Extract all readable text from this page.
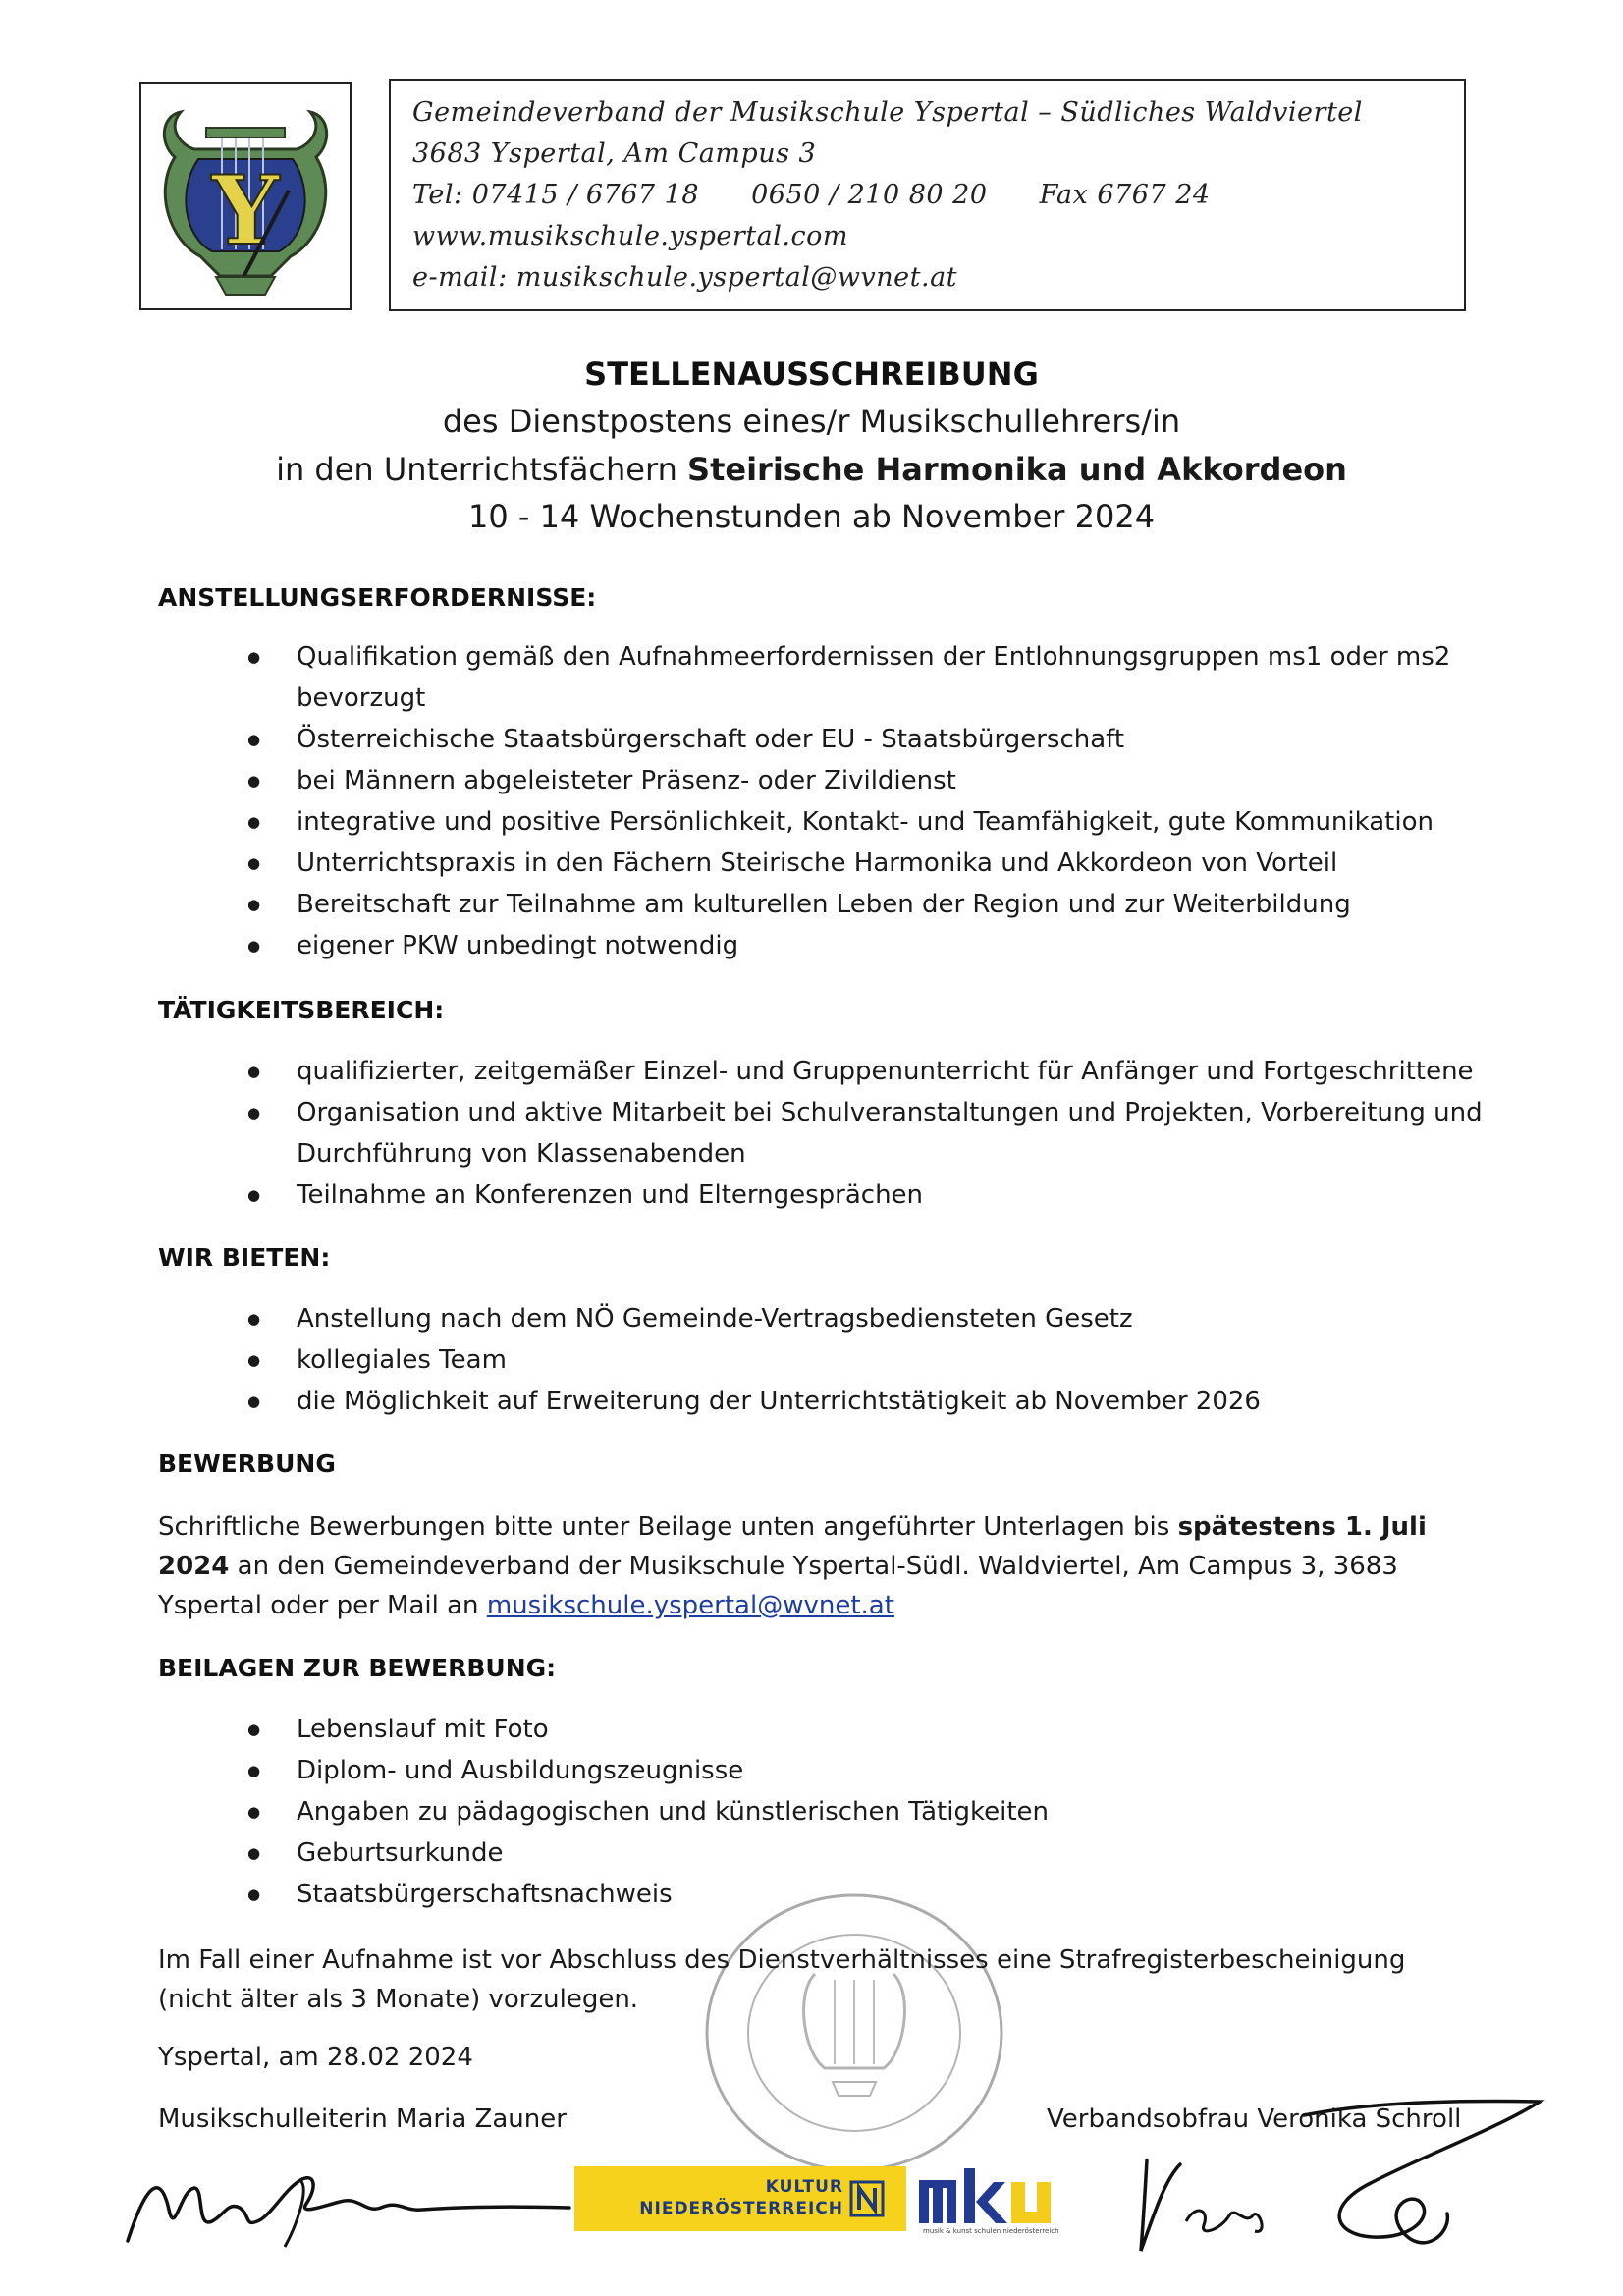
Y
Gemeindeverband der Musikschule Yspertal – Südliches Waldviertel
3683 Yspertal, Am Campus 3
Tel: 07415 / 6767 18 0650 / 210 80 20 Fax 6767 24
www.musikschule.yspertal.com
e-mail: musikschule.yspertal@wvnet.at
STELLENAUSSCHREIBUNG
des Dienstpostens eines/r Musikschullehrers/in
in den Unterrichtsfächern Steirische Harmonika und Akkordeon
10 - 14 Wochenstunden ab November 2024
ANSTELLUNGSERFORDERNISSE:
● Qualifikation gemäß den Aufnahmeerfordernissen der Entlohnungsgruppen ms1 oder ms2 bevorzugt
● Österreichische Staatsbürgerschaft oder EU - Staatsbürgerschaft
● bei Männern abgeleisteter Präsenz- oder Zivildienst
● integrative und positive Persönlichkeit, Kontakt- und Teamfähigkeit, gute Kommunikation
● Unterrichtspraxis in den Fächern Steirische Harmonika und Akkordeon von Vorteil
● Bereitschaft zur Teilnahme am kulturellen Leben der Region und zur Weiterbildung
● eigener PKW unbedingt notwendig
TÄTIGKEITSBEREICH:
● qualifizierter, zeitgemäßer Einzel- und Gruppenunterricht für Anfänger und Fortgeschrittene
● Organisation und aktive Mitarbeit bei Schulveranstaltungen und Projekten, Vorbereitung und Durchführung von Klassenabenden
● Teilnahme an Konferenzen und Elterngesprächen
WIR BIETEN:
● Anstellung nach dem NÖ Gemeinde-Vertragsbediensteten Gesetz
● kollegiales Team
● die Möglichkeit auf Erweiterung der Unterrichtstätigkeit ab November 2026
BEWERBUNG
Schriftliche Bewerbungen bitte unter Beilage unten angeführter Unterlagen bis spätestens 1. Juli 2024 an den Gemeindeverband der Musikschule Yspertal-Südl. Waldviertel, Am Campus 3, 3683 Yspertal oder per Mail an musikschule.yspertal@wvnet.at
BEILAGEN ZUR BEWERBUNG:
● Lebenslauf mit Foto
● Diplom- und Ausbildungszeugnisse
● Angaben zu pädagogischen und künstlerischen Tätigkeiten
● Geburtsurkunde
● Staatsbürgerschaftsnachweis
Im Fall einer Aufnahme ist vor Abschluss des Dienstverhältnisses eine Strafregisterbescheinigung (nicht älter als 3 Monate) vorzulegen.
Yspertal, am 28.02 2024
Musikschulleiterin Maria Zauner	Verbandsobfrau Veronika Schroll
KULTUR
NIEDERÖSTERREICH
musik & kunst schulen niederösterreich
